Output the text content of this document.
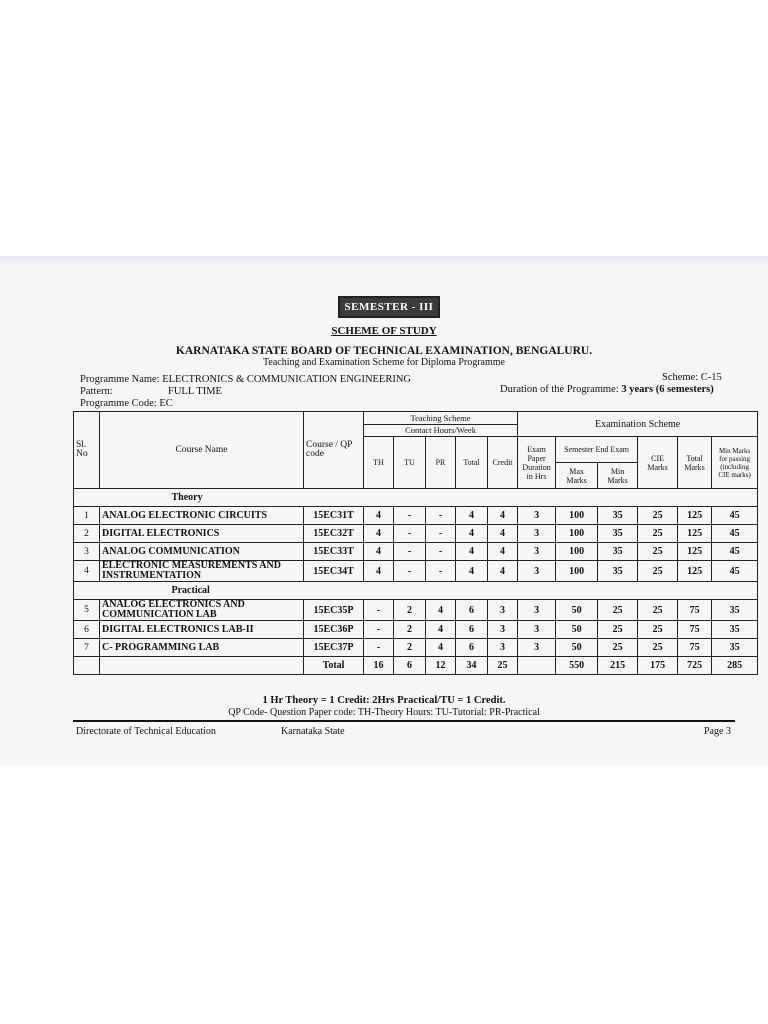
SEMESTER - III
SCHEME OF STUDY
KARNATAKA STATE BOARD OF TECHNICAL EXAMINATION, BENGALURU.
Teaching and Examination Scheme for Diploma Programme
Programme Name: ELECTRONICS & COMMUNICATION ENGINEERING
Pattern:	FULL TIME
Programme Code: EC
Scheme: C-15
Duration of the Programme: 3 years (6 semesters)
Sl. No	Course Name	Course / QP code	Teaching Scheme					Examination Scheme					
			Contact Hours/Week										
			TH	TU	PR	Total	Credit	Exam Paper Duration in Hrs	Semester End Exam		CIE Marks	Total Marks	Min Marks for passing (including CIE marks)
									Max Marks	Min Marks			
	Theory												
1	ANALOG ELECTRONIC CIRCUITS	15EC31T	4	-	-	4	4	3	100	35	25	125	45
2	DIGITAL ELECTRONICS	15EC32T	4	-	-	4	4	3	100	35	25	125	45
3	ANALOG COMMUNICATION	15EC33T	4	-	-	4	4	3	100	35	25	125	45
4	ELECTRONIC MEASUREMENTS AND INSTRUMENTATION	15EC34T	4	-	-	4	4	3	100	35	25	125	45
	Practical												
5	ANALOG ELECTRONICS AND COMMUNICATION LAB	15EC35P	-	2	4	6	3	3	50	25	25	75	35
6	DIGITAL ELECTRONICS LAB-II	15EC36P	-	2	4	6	3	3	50	25	25	75	35
7	C- PROGRAMMING LAB	15EC37P	-	2	4	6	3	3	50	25	25	75	35
		Total	16	6	12	34	25		550	215	175	725	285
1 Hr Theory = 1 Credit: 2Hrs Practical/TU = 1 Credit.
QP Code- Question Paper code: TH-Theory Hours: TU-Tutorial: PR-Practical
Directorate of Technical Education	Karnataka State	Page 3
